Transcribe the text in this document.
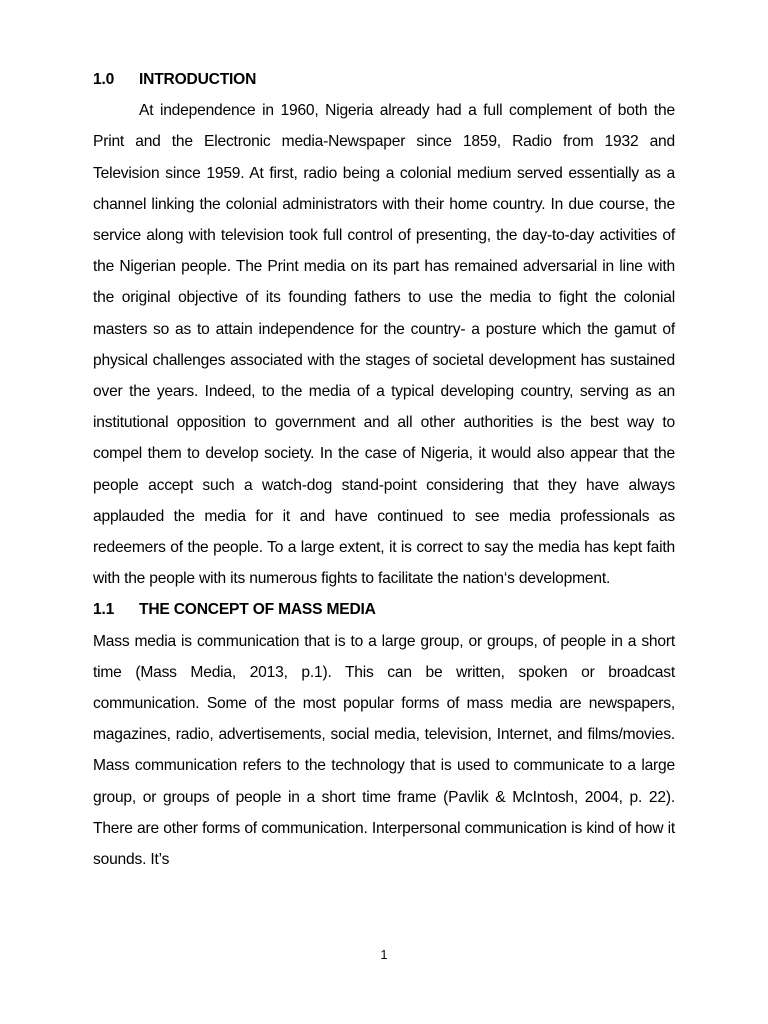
1.0 INTRODUCTION

At independence in 1960, Nigeria already had a full complement of both the Print and the Electronic media-Newspaper since 1859, Radio from 1932 and Television since 1959. At first, radio being a colonial medium served essentially as a channel linking the colonial administrators with their home country. In due course, the service along with television took full control of presenting, the day-to-day activities of the Nigerian people. The Print media on its part has remained adversarial in line with the original objective of its founding fathers to use the media to fight the colonial masters so as to attain independence for the country- a posture which the gamut of physical challenges associated with the stages of societal development has sustained over the years. Indeed, to the media of a typical developing country, serving as an institutional opposition to government and all other authorities is the best way to compel them to develop society. In the case of Nigeria, it would also appear that the people accept such a watch-dog stand-point considering that they have always applauded the media for it and have continued to see media professionals as redeemers of the people. To a large extent, it is correct to say the media has kept faith with the people with its numerous fights to facilitate the nation‘s development.

1.1 THE CONCEPT OF MASS MEDIA

Mass media is communication that is to a large group, or groups, of people in a short time (Mass Media, 2013, p.1). This can be written, spoken or broadcast communication. Some of the most popular forms of mass media are newspapers, magazines, radio, advertisements, social media, television, Internet, and films/movies. Mass communication refers to the technology that is used to communicate to a large group, or groups of people in a short time frame (Pavlik & McIntosh, 2004, p. 22). There are other forms of communication. Interpersonal communication is kind of how it sounds. It’s

1
